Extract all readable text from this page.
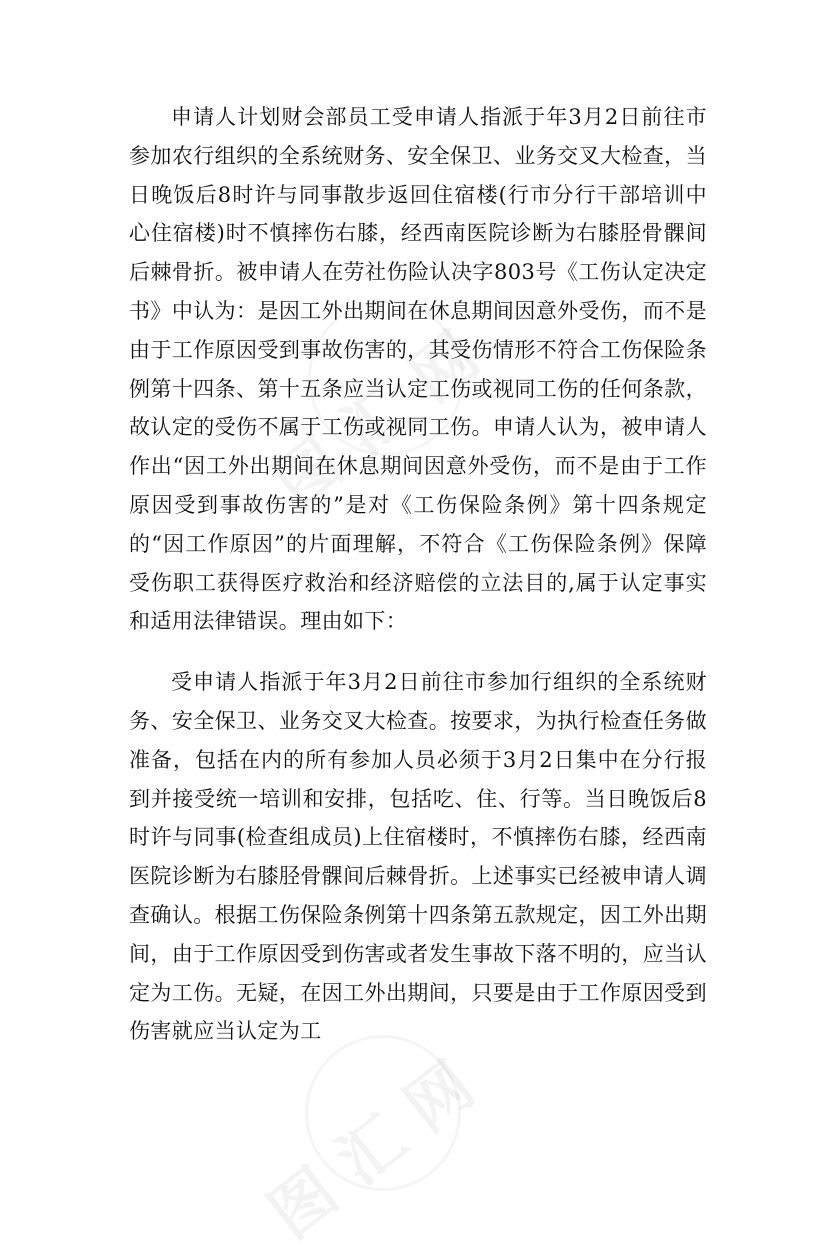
申请人计划财会部员工受申请人指派于年3月2日前往市参加农行组织的全系统财务、安全保卫、业务交叉大检查，当日晚饭后8时许与同事散步返回住宿楼(行市分行干部培训中心住宿楼)时不慎摔伤右膝，经西南医院诊断为右膝胫骨髁间后棘骨折。被申请人在劳社伤险认决字803号《工伤认定决定书》中认为：是因工外出期间在休息期间因意外受伤，而不是由于工作原因受到事故伤害的，其受伤情形不符合工伤保险条例第十四条、第十五条应当认定工伤或视同工伤的任何条款，故认定的受伤不属于工伤或视同工伤。申请人认为，被申请人作出“因工外出期间在休息期间因意外受伤，而不是由于工作原因受到事故伤害的”是对《工伤保险条例》第十四条规定的“因工作原因”的片面理解，不符合《工伤保险条例》保障受伤职工获得医疗救治和经济赔偿的立法目的,属于认定事实和适用法律错误。理由如下：

受申请人指派于年3月2日前往市参加行组织的全系统财务、安全保卫、业务交叉大检查。按要求，为执行检查任务做准备，包括在内的所有参加人员必须于3月2日集中在分行报到并接受统一培训和安排，包括吃、住、行等。当日晚饭后8时许与同事(检查组成员)上住宿楼时，不慎摔伤右膝，经西南医院诊断为右膝胫骨髁间后棘骨折。上述事实已经被申请人调查确认。根据工伤保险条例第十四条第五款规定，因工外出期间，由于工作原因受到伤害或者发生事故下落不明的，应当认定为工伤。无疑，在因工外出期间，只要是由于工作原因受到伤害就应当认定为工
